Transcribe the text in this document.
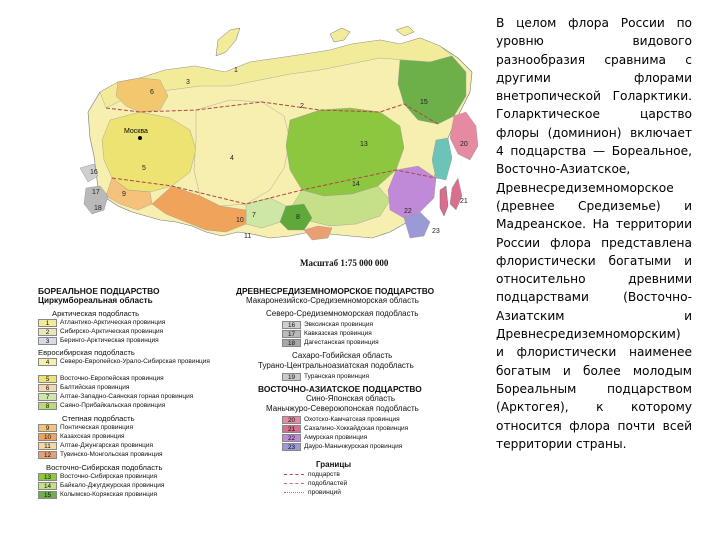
Москва
6
5
9
4
2
13
15
20
21
22
23
7	8
10
11
14
16
17
18
1
3
Масштаб 1:75 000 000
БОРЕАЛЬНОЕ ПОДЦАРСТВО
Циркумбореальная область
Арктическая подобласть
1	Атлантико-Арктическая провинция
2	Сибирско-Арктическая провинция
3	Беринго-Арктическая провинция
Евросибирская подобласть
4	Северо-Европейско-Урало-Сибирская провинция
5	Восточно-Европейская провинция
6	Балтийская провинция
7	Алтае-Западно-Саянская горная провинция
8	Саяно-Прибайкальская провинция
Степная подобласть
9	Понтическая провинция
10	Казахская провинция
11	Алтае-Джунгарская провинция
12	Тувинско-Монгольская провинция
Восточно-Сибирская подобласть
13	Восточно-Сибирская провинция
14	Байкало-Джугджурская провинция
15	Колымско-Корякская провинция
ДРЕВНЕСРЕДИЗЕМНОМОРСКОЕ ПОДЦАРСТВО
Макаронезийско-Средиземноморская область
Северо-Средиземноморская подобласть
16	Эвксинская провинция
17	Кавказская провинция
18	Дагестанская провинция
Сахаро-Гобийская область
Турано-Центральноазиатская подобласть
19	Туранская провинция
ВОСТОЧНО-АЗИАТСКОЕ ПОДЦАРСТВО
Сино-Японская область
Маньчжуро-Североюпонская подобласть
20	Охотско-Камчатская провинция
21	Сахалино-Хоккайдская провинция
22	Амурская провинция
23	Дауро-Маньчжурская провинция
Границы
подцарств
подобластей
провинций
В целом флора России по уровню видового разнообразия сравнима с другими флорами внетропической Голарктики. Голарктическое царство флоры (доминион) включает 4 подцарства — Бореальное, Восточно-Азиатское, Древнесредиземноморское (древнее Средиземье) и Мадреанское. На территории России флора представлена флористически богатыми и относительно древними подцарствами (Восточно-Азиатским и Древнесредиземноморским) и флористически наименее богатым и более молодым Бореальным подцарством (Арктогея), к которому относится флора почти всей территории страны.
